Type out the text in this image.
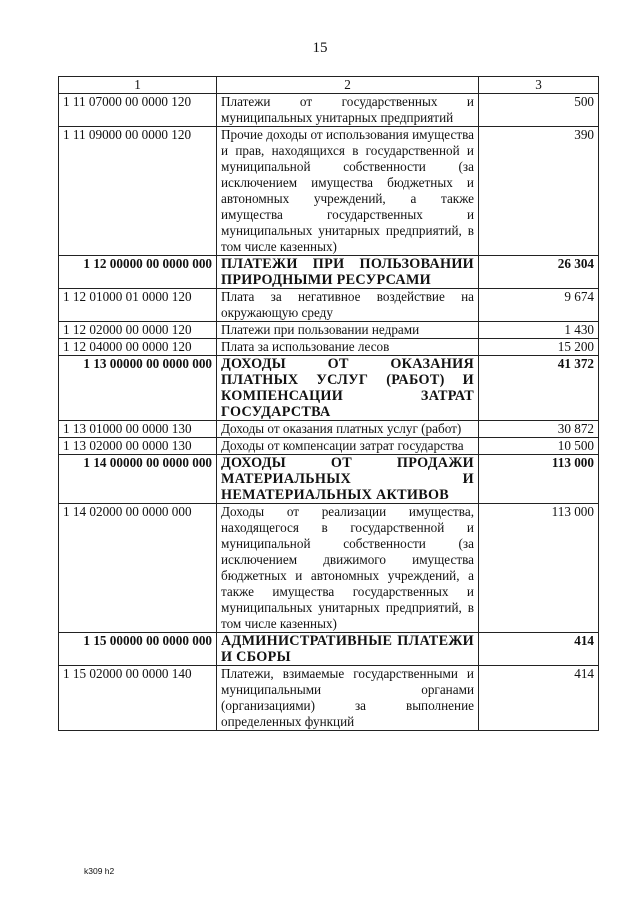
15
1	2	3
1 11 07000 00 0000 120	Платежи от государственных и муниципальных унитарных предприятий	500
1 11 09000 00 0000 120	Прочие доходы от использования имущества и прав, находящихся в государственной и муниципальной собственности (за исключением имущества бюджетных и автономных учреждений, а также имущества государственных и муниципальных унитарных предприятий, в том числе казенных)	390
1 12 00000 00 0000 000	ПЛАТЕЖИ ПРИ ПОЛЬЗОВАНИИ ПРИРОДНЫМИ РЕСУРСАМИ	26 304
1 12 01000 01 0000 120	Плата за негативное воздействие на окружающую среду	9 674
1 12 02000 00 0000 120	Платежи при пользовании недрами	1 430
1 12 04000 00 0000 120	Плата за использование лесов	15 200
1 13 00000 00 0000 000	ДОХОДЫ ОТ ОКАЗАНИЯ ПЛАТНЫХ УСЛУГ (РАБОТ) И КОМПЕНСАЦИИ ЗАТРАТ ГОСУДАРСТВА	41 372
1 13 01000 00 0000 130	Доходы от оказания платных услуг (работ)	30 872
1 13 02000 00 0000 130	Доходы от компенсации затрат государства	10 500
1 14 00000 00 0000 000	ДОХОДЫ ОТ ПРОДАЖИ МАТЕРИАЛЬНЫХ И НЕМАТЕРИАЛЬНЫХ АКТИВОВ	113 000
1 14 02000 00 0000 000	Доходы от реализации имущества, находящегося в государственной и муниципальной собственности (за исключением движимого имущества бюджетных и автономных учреждений, а также имущества государственных и муниципальных унитарных предприятий, в том числе казенных)	113 000
1 15 00000 00 0000 000	АДМИНИСТРАТИВНЫЕ ПЛАТЕЖИ И СБОРЫ	414
1 15 02000 00 0000 140	Платежи, взимаемые государственными и муниципальными органами (организациями) за выполнение определенных функций	414
k309 h2
